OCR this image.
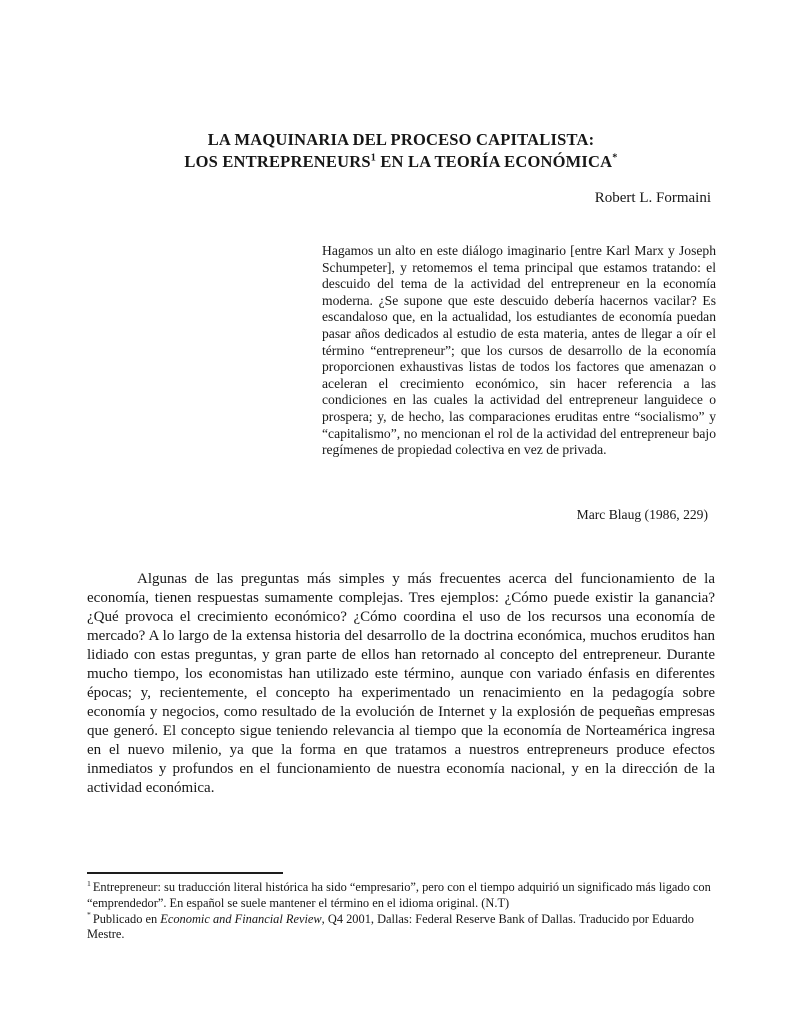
LA MAQUINARIA DEL PROCESO CAPITALISTA:
LOS ENTREPRENEURS$^1$ EN LA TEORÍA ECONÓMICA*
Robert L. Formaini
Hagamos un alto en este diálogo imaginario [entre Karl Marx y Joseph Schumpeter], y retomemos el tema principal que estamos tratando: el descuido del tema de la actividad del entrepreneur en la economía moderna. ¿Se supone que este descuido debería hacernos vacilar? Es escandaloso que, en la actualidad, los estudiantes de economía puedan pasar años dedicados al estudio de esta materia, antes de llegar a oír el término “entrepreneur”; que los cursos de desarrollo de la economía proporcionen exhaustivas listas de todos los factores que amenazan o aceleran el crecimiento económico, sin hacer referencia a las condiciones en las cuales la actividad del entrepreneur languidece o prospera; y, de hecho, las comparaciones eruditas entre “socialismo” y “capitalismo”, no mencionan el rol de la actividad del entrepreneur bajo regímenes de propiedad colectiva en vez de privada.
Marc Blaug (1986, 229)

Algunas de las preguntas más simples y más frecuentes acerca del funcionamiento de la economía, tienen respuestas sumamente complejas. Tres ejemplos: ¿Cómo puede existir la ganancia? ¿Qué provoca el crecimiento económico? ¿Cómo coordina el uso de los recursos una economía de mercado? A lo largo de la extensa historia del desarrollo de la doctrina económica, muchos eruditos han lidiado con estas preguntas, y gran parte de ellos han retornado al concepto del entrepreneur. Durante mucho tiempo, los economistas han utilizado este término, aunque con variado énfasis en diferentes épocas; y, recientemente, el concepto ha experimentado un renacimiento en la pedagogía sobre economía y negocios, como resultado de la evolución de Internet y la explosión de pequeñas empresas que generó. El concepto sigue teniendo relevancia al tiempo que la economía de Norteamérica ingresa en el nuevo milenio, ya que la forma en que tratamos a nuestros entrepreneurs produce efectos inmediatos y profundos en el funcionamiento de nuestra economía nacional, y en la dirección de la actividad económica.

$^1$ Entrepreneur: su traducción literal histórica ha sido “empresario”, pero con el tiempo adquirió un significado más ligado con “emprendedor”. En español se suele mantener el término en el idioma original. (N.T)
* Publicado en Economic and Financial Review, Q4 2001, Dallas: Federal Reserve Bank of Dallas. Traducido por Eduardo Mestre.
